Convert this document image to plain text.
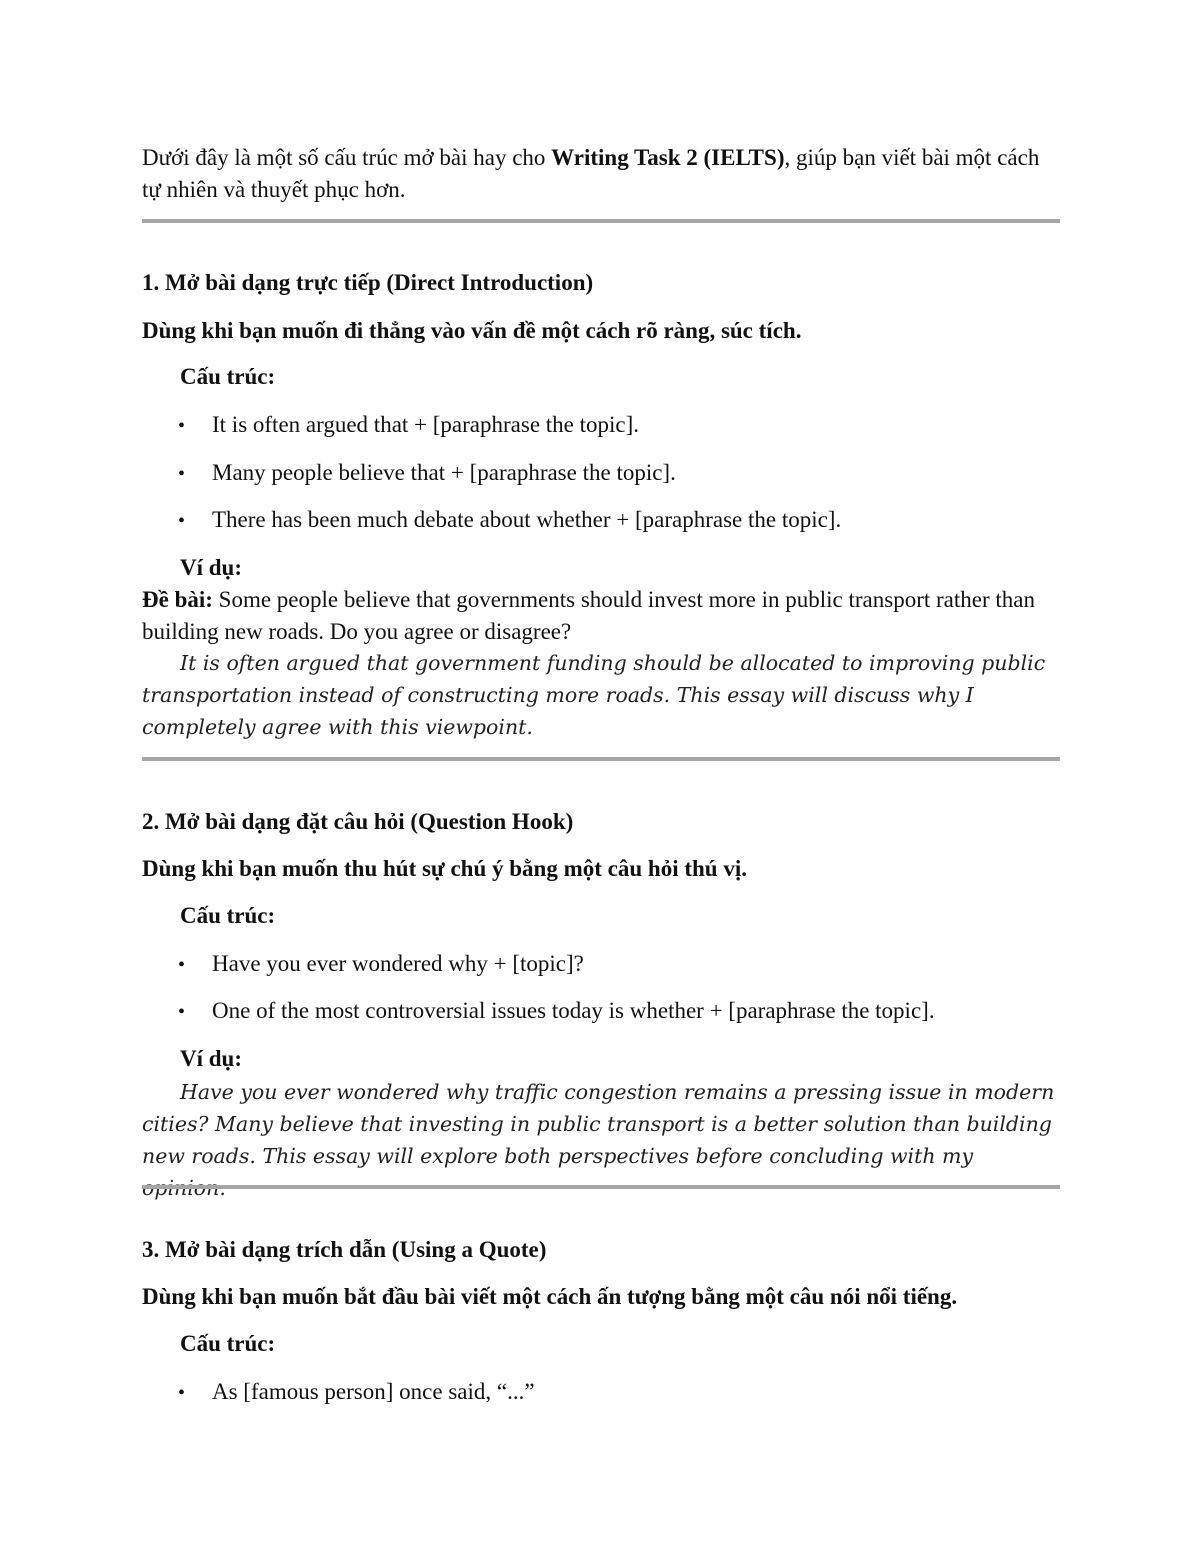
Dưới đây là một số cấu trúc mở bài hay cho Writing Task 2 (IELTS), giúp bạn viết bài một cách tự nhiên và thuyết phục hơn.
1. Mở bài dạng trực tiếp (Direct Introduction)
Dùng khi bạn muốn đi thẳng vào vấn đề một cách rõ ràng, súc tích.
Cấu trúc:
• It is often argued that + [paraphrase the topic].
• Many people believe that + [paraphrase the topic].
• There has been much debate about whether + [paraphrase the topic].
Ví dụ:
Đề bài: Some people believe that governments should invest more in public transport rather than building new roads. Do you agree or disagree?
It is often argued that government funding should be allocated to improving public transportation instead of constructing more roads. This essay will discuss why I completely agree with this viewpoint.
2. Mở bài dạng đặt câu hỏi (Question Hook)
Dùng khi bạn muốn thu hút sự chú ý bằng một câu hỏi thú vị.
Cấu trúc:
• Have you ever wondered why + [topic]?
• One of the most controversial issues today is whether + [paraphrase the topic].
Ví dụ:
Have you ever wondered why traffic congestion remains a pressing issue in modern cities? Many believe that investing in public transport is a better solution than building new roads. This essay will explore both perspectives before concluding with my
3. Mở bài dạng trích dẫn (Using a Quote)
Dùng khi bạn muốn bắt đầu bài viết một cách ấn tượng bằng một câu nói nổi tiếng.
Cấu trúc:
• As [famous person] once said, “...”
